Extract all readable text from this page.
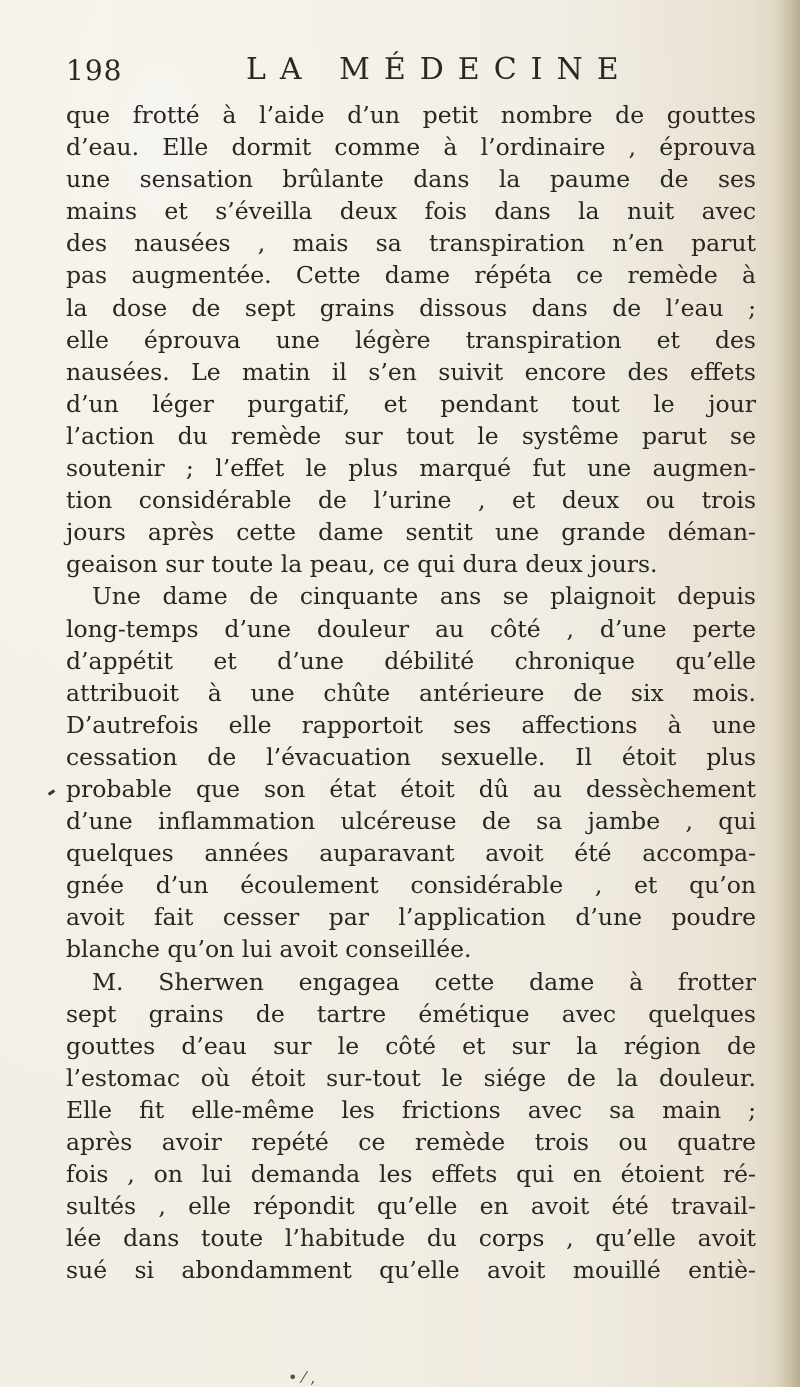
198	LA MÉDECINE
que frotté à l’aide d’un petit nombre de gouttes
d’eau. Elle dormit comme à l’ordinaire , éprouva
une sensation brûlante dans la paume de ses
mains et s’éveilla deux fois dans la nuit avec
des nausées , mais sa transpiration n’en parut
pas augmentée. Cette dame répéta ce remède à
la dose de sept grains dissous dans de l’eau ;
elle éprouva une légère transpiration et des
nausées. Le matin il s’en suivit encore des effets
d’un léger purgatif, et pendant tout le jour
l’action du remède sur tout le systême parut se
soutenir ; l’effet le plus marqué fut une augmen-
tion considérable de l’urine , et deux ou trois
jours après cette dame sentit une grande déman-
geaison sur toute la peau, ce qui dura deux jours.
Une dame de cinquante ans se plaignoit depuis
long-temps d’une douleur au côté , d’une perte
d’appétit et d’une débilité chronique qu’elle
attribuoit à une chûte antérieure de six mois.
D’autrefois elle rapportoit ses affections à une
cessation de l’évacuation sexuelle. Il étoit plus
probable que son état étoit dû au dessèchement
d’une inflammation ulcéreuse de sa jambe , qui
quelques années auparavant avoit été accompa-
gnée d’un écoulement considérable , et qu’on
avoit fait cesser par l’application d’une poudre
blanche qu’on lui avoit conseillée.
M. Sherwen engagea cette dame à frotter
sept grains de tartre émétique avec quelques
gouttes d’eau sur le côté et sur la région de
l’estomac où étoit sur-tout le siége de la douleur.
Elle fit elle-même les frictions avec sa main ;
après avoir repété ce remède trois ou quatre
fois , on lui demanda les effets qui en étoient ré-
sultés , elle répondit qu’elle en avoit été travail-
lée dans toute l’habitude du corps , qu’elle avoit
sué si abondamment qu’elle avoit mouillé entiè-
• ⁄ ,
